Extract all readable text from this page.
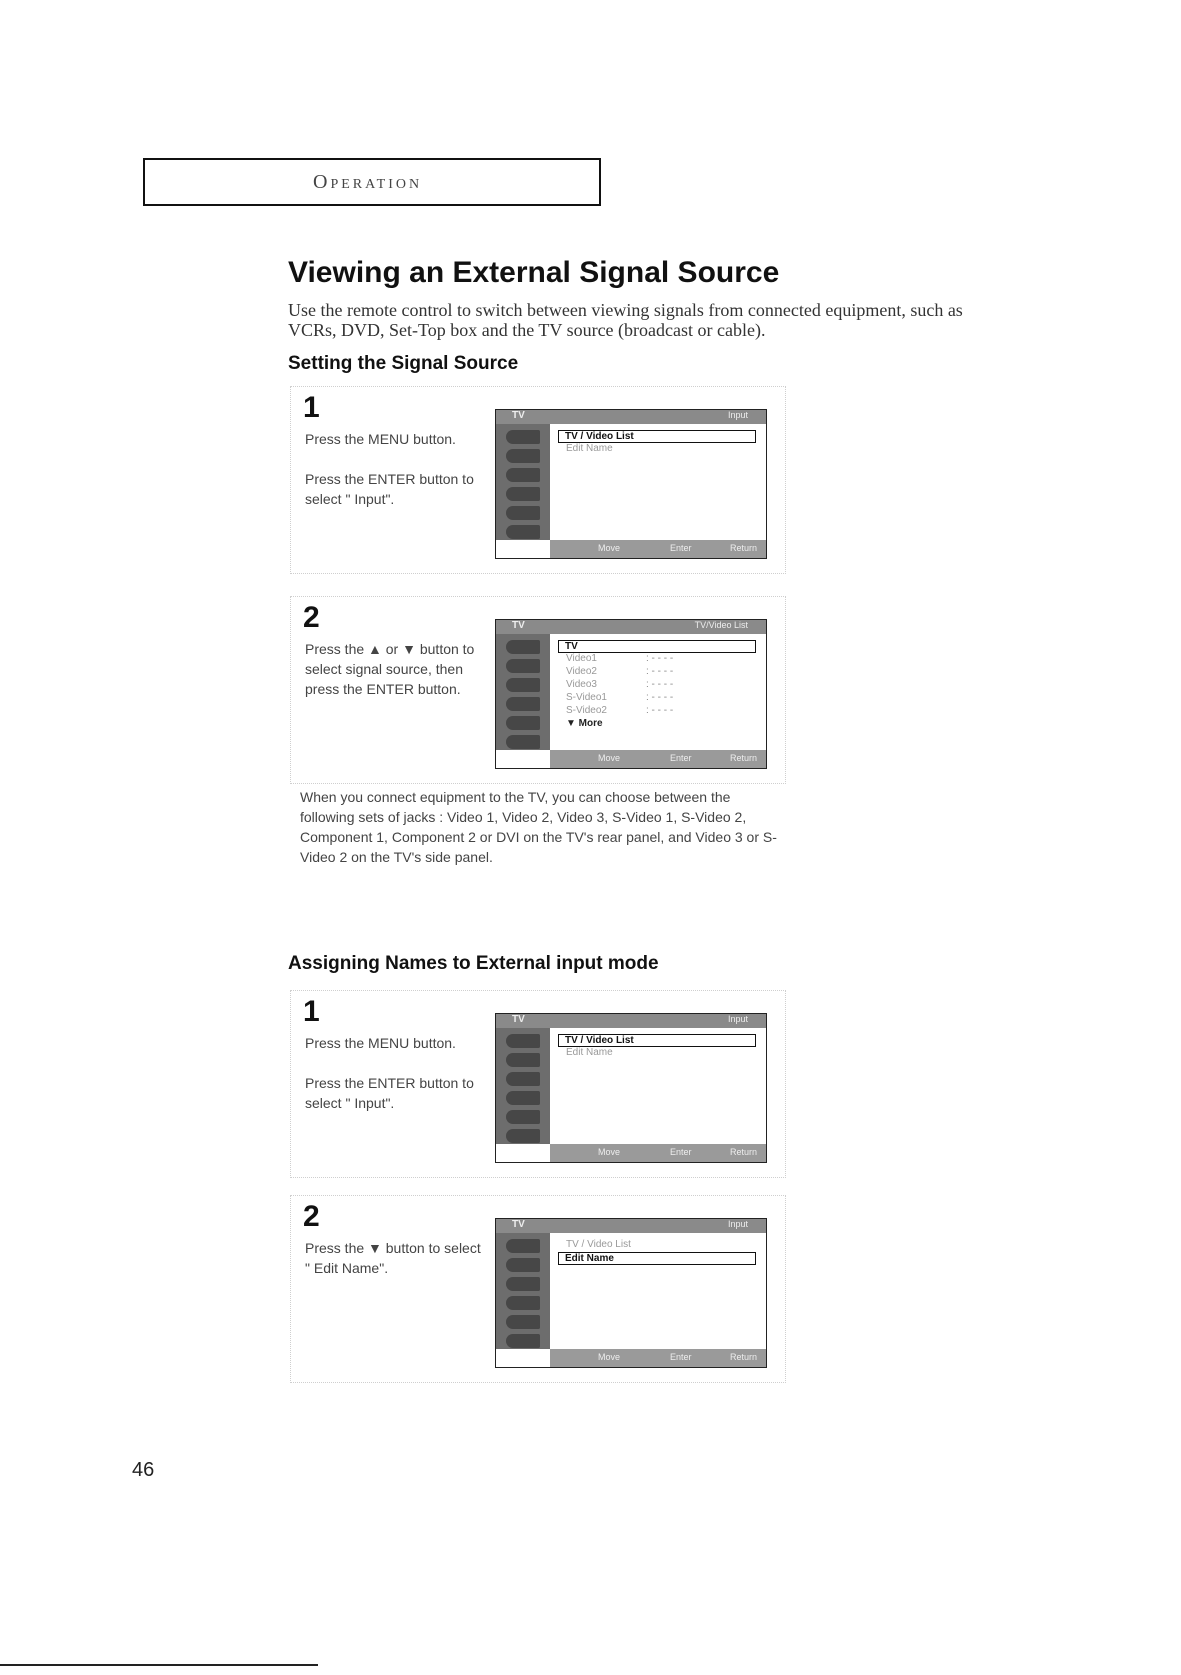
Operation
Viewing an External Signal Source

Use the remote control to switch between viewing signals from connected equipment, such as VCRs, DVD, Set-Top box and the TV source (broadcast or cable).

Setting the Signal Source
1

Press the MENU button.

Press the ENTER button to select " Input".

TV	Input
TV / Video List
Edit Name
Move	Enter	Return
2

Press the ▲ or ▼ button to select signal source, then press the ENTER button.

TV	TV/Video List
TV
Video1	: - - - -
Video2	: - - - -
Video3	: - - - -
S-Video1	: - - - -
S-Video2	: - - - -
▼ More
Move	Enter	Return
When you connect equipment to the TV, you can choose between the following sets of jacks : Video 1, Video 2, Video 3, S-Video 1, S-Video 2, Component 1, Component 2 or DVI on the TV's rear panel, and Video 3 or S-Video 2 on the TV's side panel.
Assigning Names to External input mode
1

Press the MENU button.

Press the ENTER button to select " Input".

TV	Input
TV / Video List
Edit Name
Move	Enter	Return
2

Press the ▼ button to select " Edit Name".

TV	Input
TV / Video List
Edit Name
Move	Enter	Return
46
